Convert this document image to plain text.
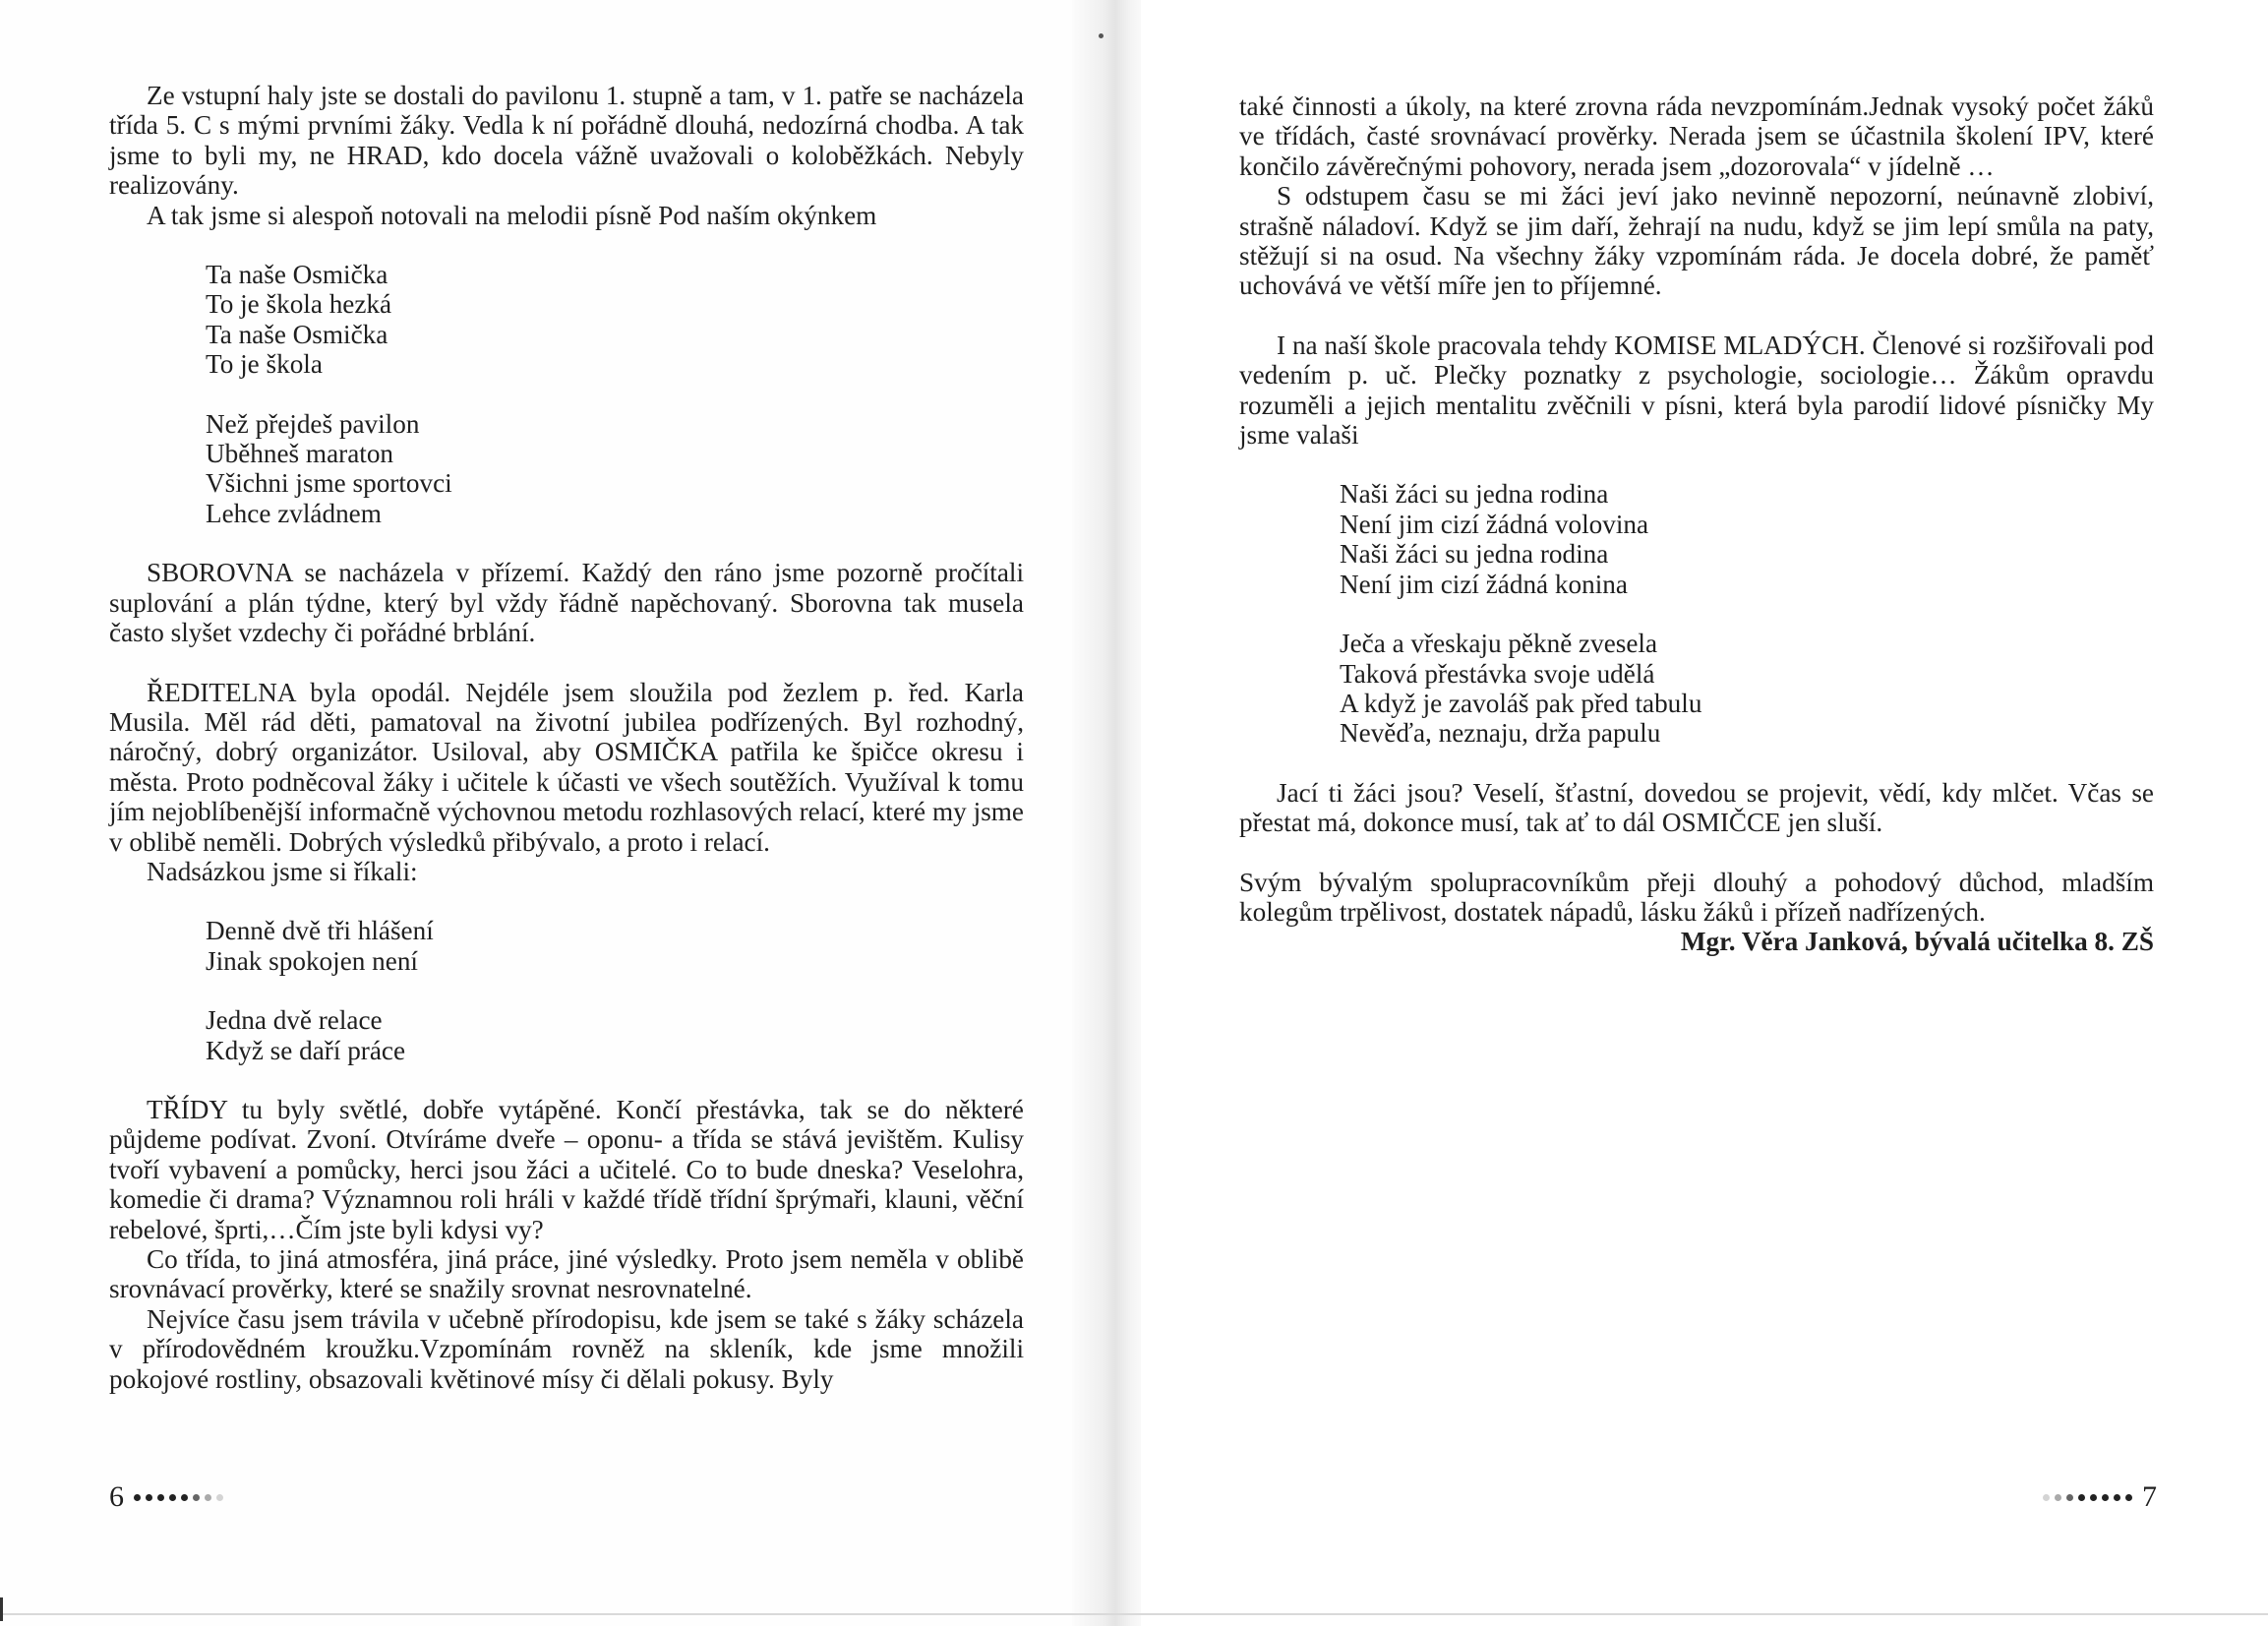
Ze vstupní haly jste se dostali do pavilonu 1. stupně a tam, v 1. patře se nacházela třída 5. C s mými prvními žáky. Vedla k ní pořádně dlouhá, nedozírná chodba. A tak jsme to byli my, ne HRAD, kdo docela vážně uvažovali o koloběžkách. Nebyly realizovány.

A tak jsme si alespoň notovali na melodii písně Pod naším okýnkem

Ta naše Osmička
To je škola hezká
Ta naše Osmička
To je škola
Než přejdeš pavilon
Uběhneš maraton
Všichni jsme sportovci
Lehce zvládnem

SBOROVNA se nacházela v přízemí. Každý den ráno jsme pozorně pročítali suplování a plán týdne, který byl vždy řádně napěchovaný. Sborovna tak musela často slyšet vzdechy či pořádné brblání.

ŘEDITELNA byla opodál. Nejdéle jsem sloužila pod žezlem p. řed. Karla Musila. Měl rád děti, pamatoval na životní jubilea podřízených. Byl rozhodný, náročný, dobrý organizátor. Usiloval, aby OSMIČKA patřila ke špičce okresu i města. Proto podněcoval žáky i učitele k účasti ve všech soutěžích. Využíval k tomu jím nejoblíbenější informačně výchovnou metodu rozhlasových relací, které my jsme v oblibě neměli. Dobrých výsledků přibývalo, a proto i relací.

Nadsázkou jsme si říkali:

Denně dvě tři hlášení
Jinak spokojen není
Jedna dvě relace
Když se daří práce

TŘÍDY tu byly světlé, dobře vytápěné. Končí přestávka, tak se do některé půjdeme podívat. Zvoní. Otvíráme dveře – oponu- a třída se stává jevištěm. Kulisy tvoří vybavení a pomůcky, herci jsou žáci a učitelé. Co to bude dneska? Veselohra, komedie či drama? Významnou roli hráli v každé třídě třídní šprýmaři, klauni, věční rebelové, šprti,…Čím jste byli kdysi vy?

Co třída, to jiná atmosféra, jiná práce, jiné výsledky. Proto jsem neměla v oblibě srovnávací prověrky, které se snažily srovnat nesrovnatelné.

Nejvíce času jsem trávila v učebně přírodopisu, kde jsem se také s žáky scházela v přírodovědném kroužku.Vzpomínám rovněž na skleník, kde jsme množili pokojové rostliny, obsazovali květinové mísy či dělali pokusy. Byly

6

také činnosti a úkoly, na které zrovna ráda nevzpomínám.Jednak vysoký počet žáků ve třídách, časté srovnávací prověrky. Nerada jsem se účastnila školení IPV, které končilo závěrečnými pohovory, nerada jsem „dozorovala“ v jídelně …

S odstupem času se mi žáci jeví jako nevinně nepozorní, neúnavně zlobiví, strašně náladoví. Když se jim daří, žehrají na nudu, když se jim lepí smůla na paty, stěžují si na osud. Na všechny žáky vzpomínám ráda. Je docela dobré, že paměť uchovává ve větší míře jen to příjemné.

I na naší škole pracovala tehdy KOMISE MLADÝCH. Členové si rozšiřovali pod vedením p. uč. Plečky poznatky z psychologie, sociologie… Žákům opravdu rozuměli a jejich mentalitu zvěčnili v písni, která byla parodií lidové písničky My jsme valaši

Naši žáci su jedna rodina
Není jim cizí žádná volovina
Naši žáci su jedna rodina
Není jim cizí žádná konina
Ječa a vřeskaju pěkně zvesela
Taková přestávka svoje udělá
A když je zavoláš pak před tabulu
Nevěďa, neznaju, drža papulu

Jací ti žáci jsou? Veselí, šťastní, dovedou se projevit, vědí, kdy mlčet. Včas se přestat má, dokonce musí, tak ať to dál OSMIČCE jen sluší.

Svým bývalým spolupracovníkům přeji dlouhý a pohodový důchod, mladším kolegům trpělivost, dostatek nápadů, lásku žáků i přízeň nadřízených.

Mgr. Věra Janková, bývalá učitelka 8. ZŠ

7
